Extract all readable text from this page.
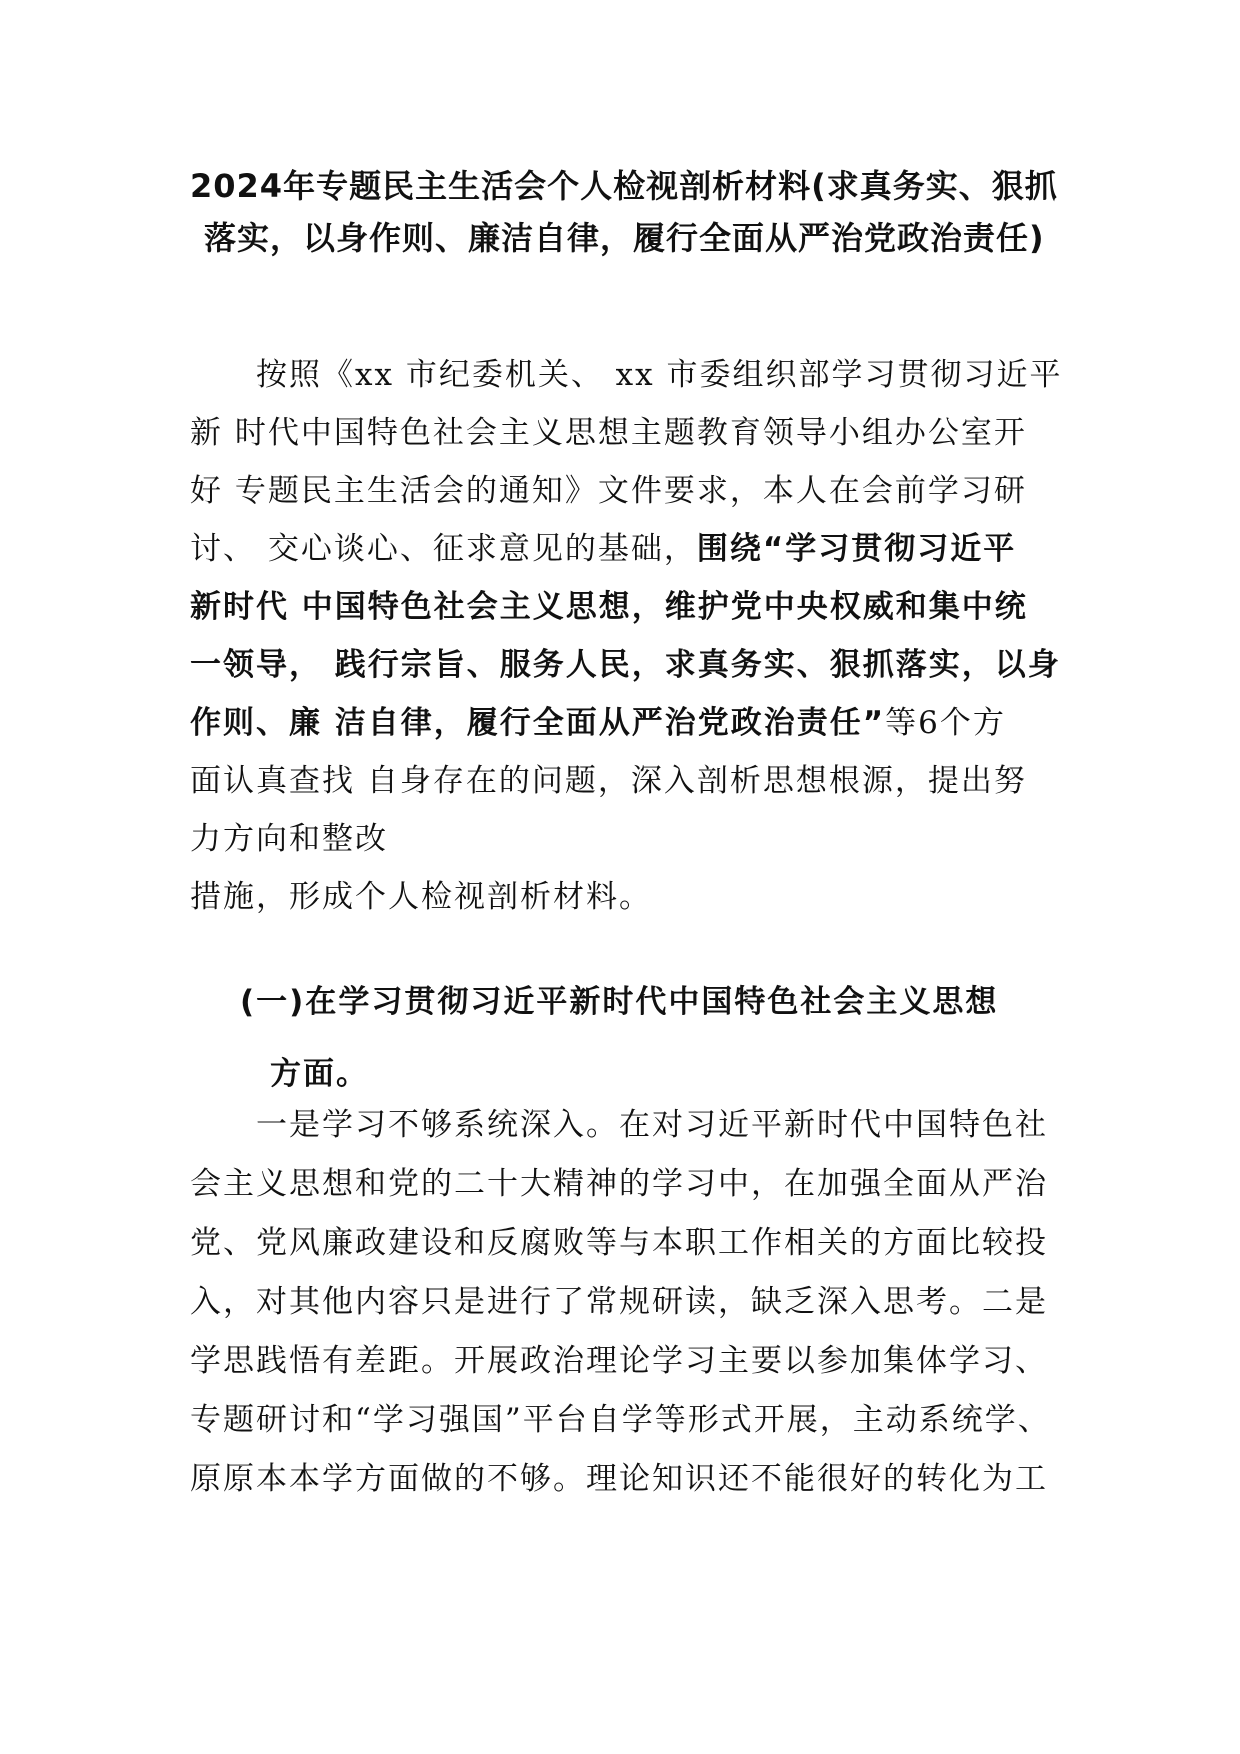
2024年专题民主生活会个人检视剖析材料(求真务实、狠抓
落实，以身作则、廉洁自律，履行全面从严治党政治责任)
按照《xx 市纪委机关、 xx 市委组织部学习贯彻习近平
新 时代中国特色社会主义思想主题教育领导小组办公室开
好 专题民主生活会的通知》文件要求，本人在会前学习研
讨、 交心谈心、征求意见的基础，围绕“学习贯彻习近平
新时代 中国特色社会主义思想，维护党中央权威和集中统
一领导， 践行宗旨、服务人民，求真务实、狠抓落实，以身
作则、廉 洁自律，履行全面从严治党政治责任”等6个方
面认真查找 自身存在的问题，深入剖析思想根源，提出努
力方向和整改
措施，形成个人检视剖析材料。
(一)在学习贯彻习近平新时代中国特色社会主义思想
方面。
一是学习不够系统深入。在对习近平新时代中国特色社
会主义思想和党的二十大精神的学习中，在加强全面从严治
党、党风廉政建设和反腐败等与本职工作相关的方面比较投
入，对其他内容只是进行了常规研读，缺乏深入思考。二是
学思践悟有差距。开展政治理论学习主要以参加集体学习、
专题研讨和“学习强国”平台自学等形式开展，主动系统学、
原原本本学方面做的不够。理论知识还不能很好的转化为工
